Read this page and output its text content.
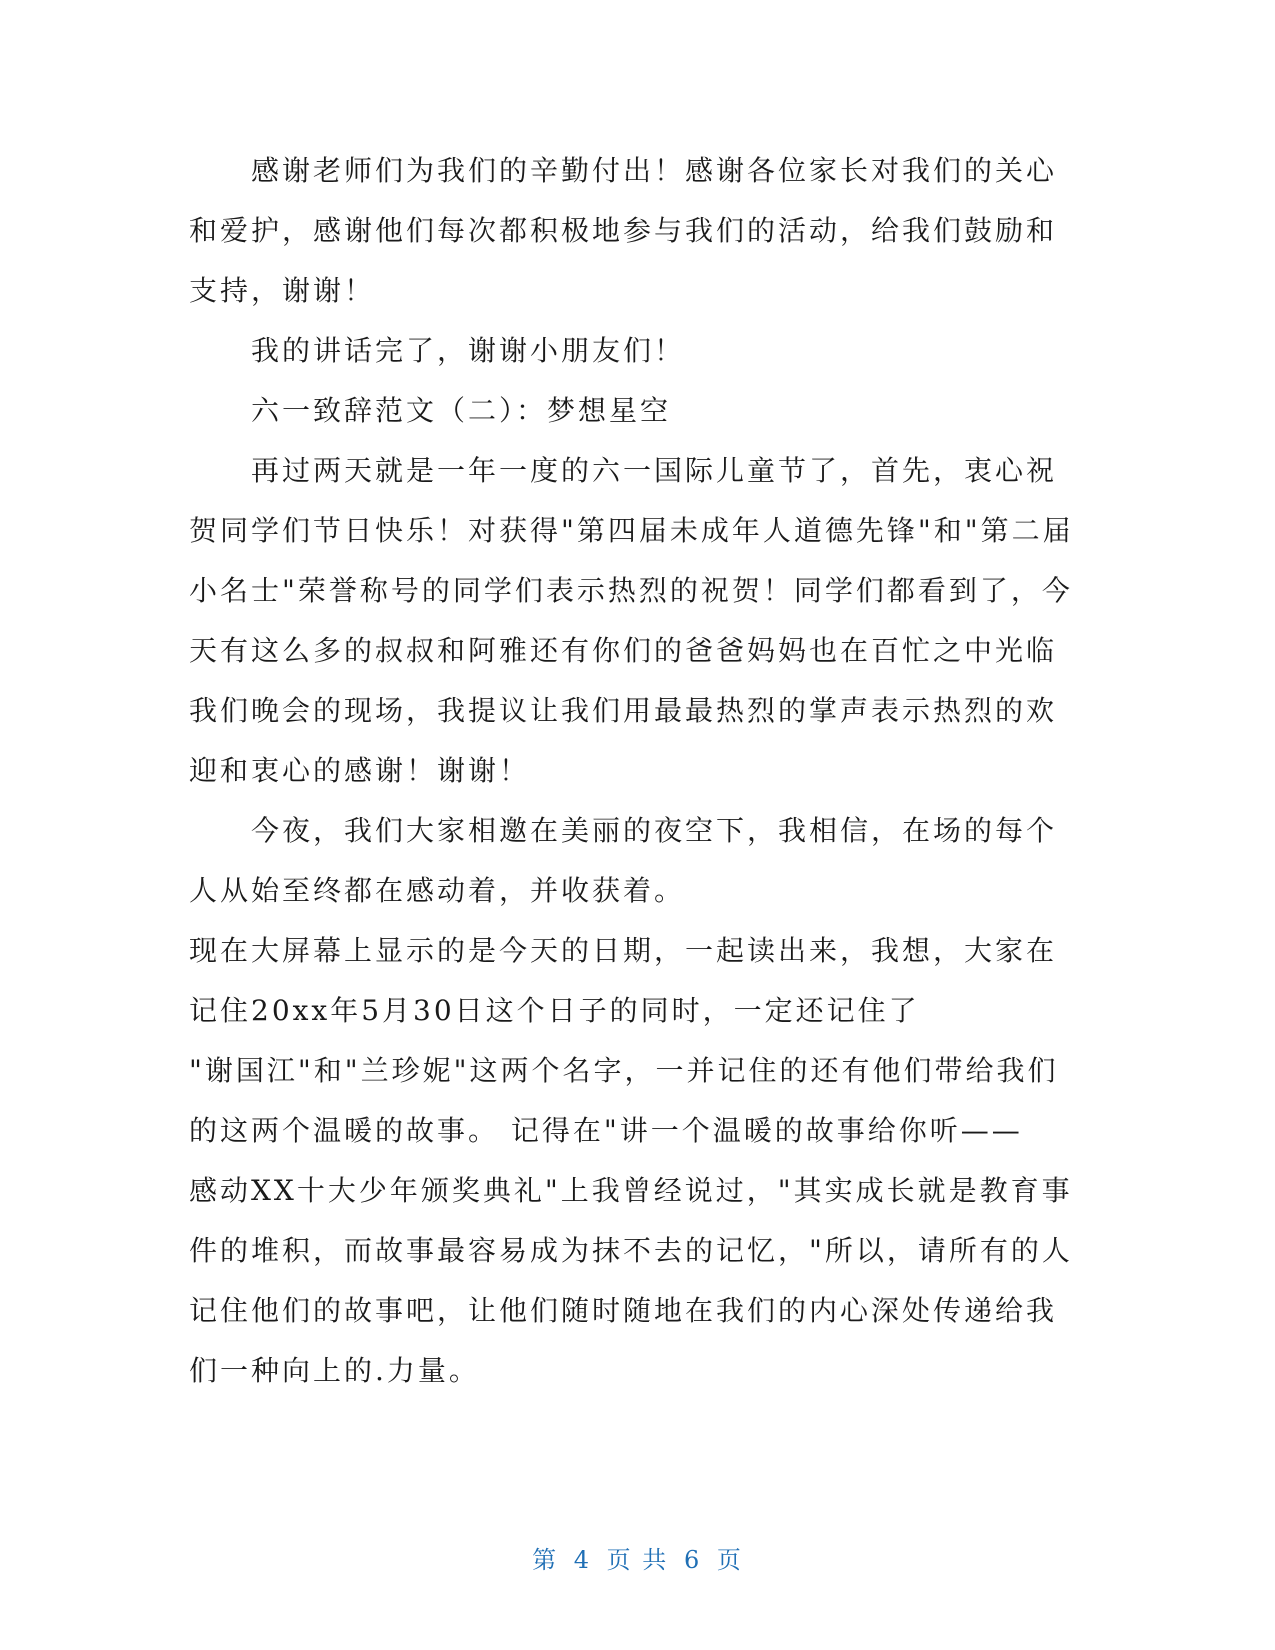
感谢老师们为我们的辛勤付出！感谢各位家长对我们的关心
和爱护，感谢他们每次都积极地参与我们的活动，给我们鼓励和
支持，谢谢！
我的讲话完了，谢谢小朋友们！
六一致辞范文（二）：梦想星空
再过两天就是一年一度的六一国际儿童节了，首先，衷心祝
贺同学们节日快乐！对获得"第四届未成年人道德先锋"和"第二届
小名士"荣誉称号的同学们表示热烈的祝贺！同学们都看到了，今
天有这么多的叔叔和阿雅还有你们的爸爸妈妈也在百忙之中光临
我们晚会的现场，我提议让我们用最最热烈的掌声表示热烈的欢
迎和衷心的感谢！谢谢！
今夜，我们大家相邀在美丽的夜空下，我相信，在场的每个
人从始至终都在感动着，并收获着。
现在大屏幕上显示的是今天的日期，一起读出来，我想，大家在
记住20xx年5月30日这个日子的同时，一定还记住了
"谢国江"和"兰珍妮"这两个名字，一并记住的还有他们带给我们
的这两个温暖的故事。 记得在"讲一个温暖的故事给你听——
感动XX十大少年颁奖典礼"上我曾经说过，"其实成长就是教育事
件的堆积，而故事最容易成为抹不去的记忆，"所以，请所有的人
记住他们的故事吧，让他们随时随地在我们的内心深处传递给我
们一种向上的.力量。
第 4 页 共 6 页
